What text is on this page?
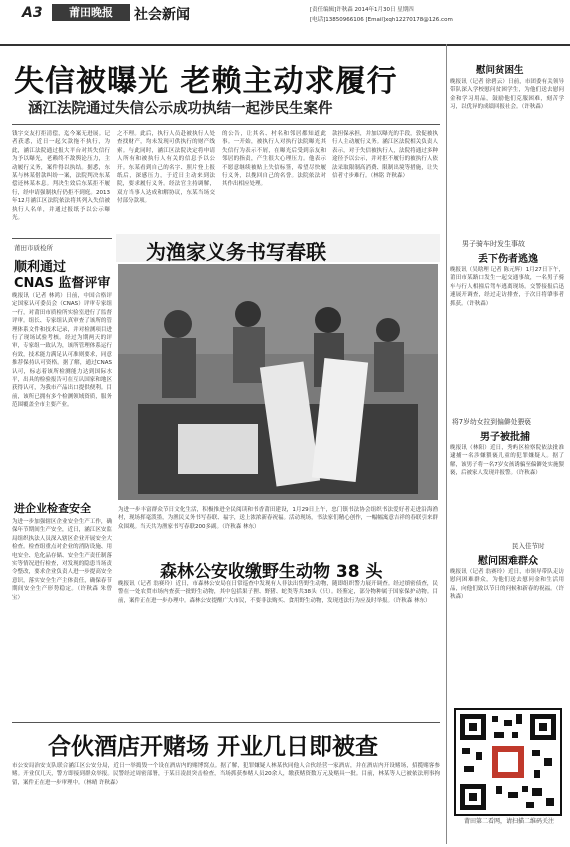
A3	莆田晚报	社会新闻	[责任编辑]许秋森 2014年1月30日 星期四
[电话]13850966106 [Email]xqh12270178@126.com
失信被曝光 老赖主动求履行
涵江法院通过失信公示成功执结一起涉民生案件
钱字交友打拒清偿，迄今案无进展。记者获悉，近日一起欠款拖不执行，为此，涵江法院通过报大平台对其失信行为予以曝光，老赖终不敌舆论压力，主动履行义务，案件得以执结。据悉，东某与林某借款纠纷一案，法院判决东某偿还林某本息。判决生效后东某拒不履行，经申请强制执行仍拒不到庭。2013年12月涵江区法院依法将其列入失信被执行人名单，并通过报纸予以公示曝光。
之不理。此后，执行人员赴被执行人处查找财产，均未发现可供执行的财产线索。与此同时，涵江区法院决定将申请人所有和被执行人有关的信息予以公开。东某看到自己的名字、照片登上报纸后，深感压力，于近日主动来到法院，要求履行义务。经法官主持调解，双方当事人达成和解协议，东某当场交付部分款项。
的公告，让其名、村名和邻居都知道此事。一开始，被执行人对执行法院曝光其失信行为表示不屑，在曝光后受到亲友和邻居的指责，产生很大心理压力。他表示不愿意继续被贴上失信标签，希望尽快履行义务，以挽回自己的名誉。法院依法对其作出相应处理。
款担保承担，并加以曝光的手段，敦促被执行人主动履行义务。涵江区法院相关负责人表示，对于失信被执行人，法院将通过多种途径予以公示，并对拒不履行的被执行人依法采取限制高消费、限制出境等措施，让失信者寸步难行。（林铭 许秋森）
莆田市质检所
顺利通过
CNAS 监督评审
晚报讯（记者 林鸿）日前，中国合格评定国家认可委员会（CNAS）评审专家组一行，对莆田市质检所实验室进行了监督评审。组长、专家组认真审查了该所的管理体系文件和技术记录，并对检测项目进行了现场试验考核。经过为期两天的评审，专家组一致认为，该所管理体系运行有效，技术能力满足认可准则要求，同意推荐保持认可资格。据了解，通过CNAS认可，标志着该所检测能力达到国际水平，出具的检验报告可在互认国家和地区获得认可，为我市产品出口提供便利。目前，该所已拥有多个检测领域资质，服务范围覆盖全市主要产业。
进企业检查安全
为进一步加强辖区企业安全生产工作，确保年节期间生产安全，近日，涵江区安监局组织执法人员深入辖区企业开展安全大检查。检查组重点对企业的消防设施、用电安全、危化品存储、安全生产责任制落实等情况进行检查，对发现的隐患当场责令整改，要求企业负责人进一步提高安全意识，落实安全生产主体责任，确保春节期间安全生产形势稳定。（许秋森 朱曾宝）
为渔家义务书写春联
为进一步丰富群众节日文化生活，积极推进全民阅读和书香莆田建设，1月29日上午，忠门镇书法协会组织书法爱好者走进沿海渔村，现场挥毫泼墨，为渔民义务书写春联、福字，送上浓浓新春祝福。活动现场，书法家们精心创作，一幅幅寓意吉祥的春联引来群众围观。当天共为渔家书写春联200多副。（许秋森 林东）
森林公安收缴野生动物 38 头
晚报讯（记者 翁赛玲）近日，市森林公安局在日常巡查中发现有人非法出售野生动物，随即组织警力展开调查。经过缜密侦查，民警在一处农贸市场内查获一批野生动物，其中包括果子狸、野猪、蛇类等共38头（只）。经鉴定，部分物种属于国家保护动物。目前，案件正在进一步办理中。森林公安提醒广大市民，不要非法购买、食用野生动物，发现违法行为应及时举报。（许秋森 林东）
合伙酒店开赌场 开业几日即被查
市公安局治安支队联合涵江区公安分局，近日一举捣毁一个设在酒店内的赌博窝点。据了解，犯罪嫌疑人林某伙同他人合伙经营一家酒店，并在酒店内开设赌场，招揽赌客参赌。开业仅几天，警方即接到群众举报。民警经过周密部署，于某日凌晨突击检查，当场抓获参赌人员20余人，缴获赌资数万元及赌具一批。目前，林某等人已被依法刑事拘留，案件正在进一步审理中。（林晴 许秋森）
慰问贫困生
晚报讯（记者 徐碧云）日前，市团委有关领导带队深入学校慰问贫困学生，为他们送去慰问金和学习用品，鼓励他们克服困难，刻苦学习，以优异的成绩回报社会。（许秋森）
男子骑车时发生事故
丢下伤者逃逸
晚报讯（吴晗理 记者 陈元辉）1月27日下午，莆田市某路口发生一起交通事故，一名男子骑车与行人相撞后驾车逃离现场。交警接报后迅速展开调查，经过走访排查，于次日将肇事者抓获。（许秋森）
将7岁幼女拉到偏僻处猥亵
男子被批捕
晚报讯（林阳）近日，秀屿区检察院依法批准逮捕一名涉嫌猥亵儿童的犯罪嫌疑人。据了解，该男子将一名7岁女孩诱骗至偏僻处实施猥亵，后被家人发现并报警。（许秋森）
民入佳节时
慰问困难群众
晚报讯（记者 翁赛玲）近日，市领导带队走访慰问困难群众，为他们送去慰问金和生活用品，向他们致以节日的问候和新春的祝福。（许秋森）
莆田第二看网，请扫描二维码关注
